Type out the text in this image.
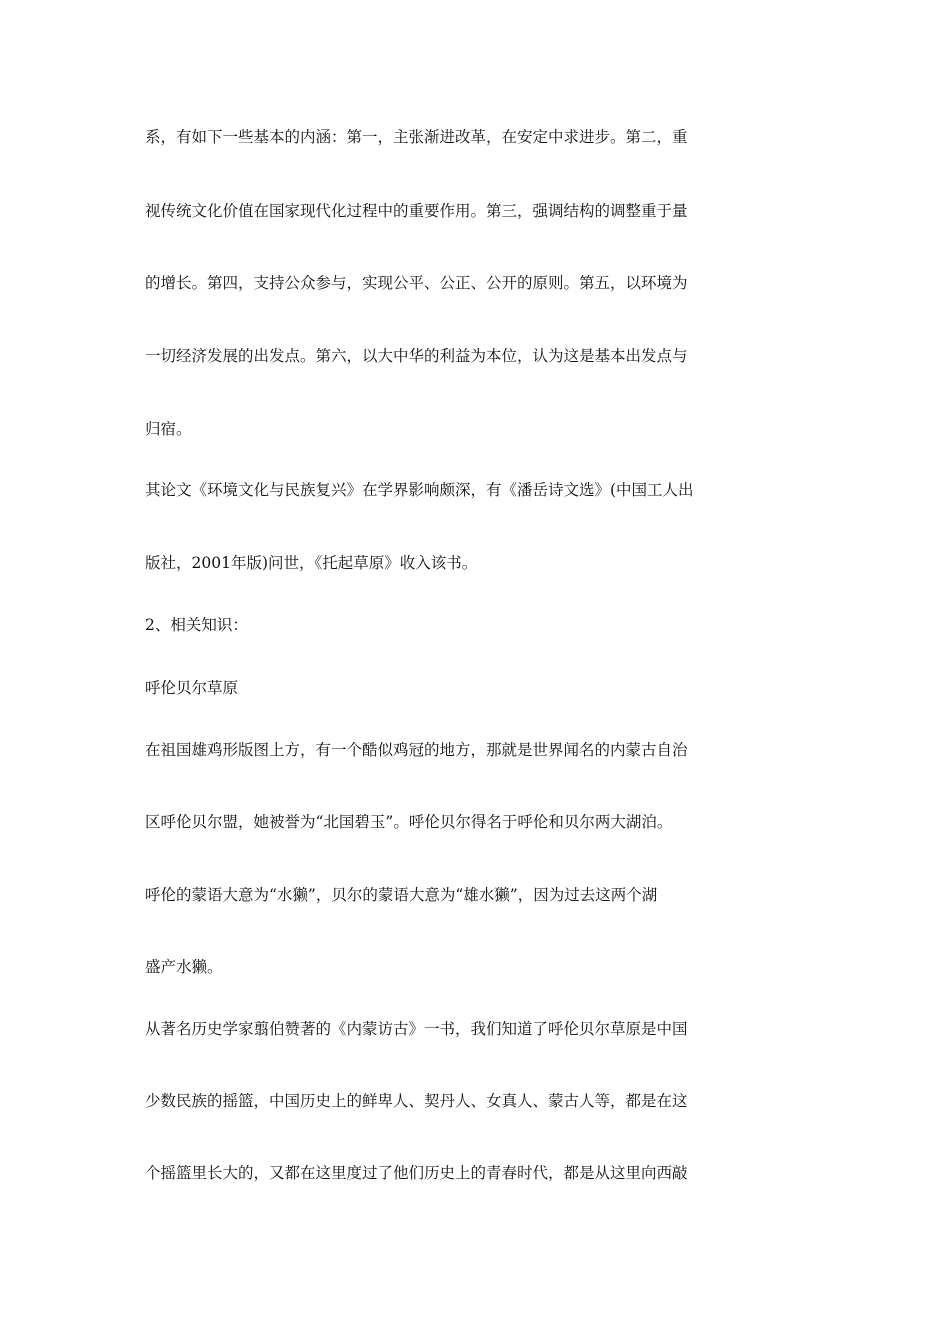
系，有如下一些基本的内涵：第一，主张渐进改革，在安定中求进步。第二，重
视传统文化价值在国家现代化过程中的重要作用。第三，强调结构的调整重于量
的增长。第四，支持公众参与，实现公平、公正、公开的原则。第五，以环境为
一切经济发展的出发点。第六，以大中华的利益为本位，认为这是基本出发点与
归宿。
其论文《环境文化与民族复兴》在学界影响颇深，有《潘岳诗文选》(中国工人出
版社，2001年版)问世，《托起草原》收入该书。
2、相关知识：
呼伦贝尔草原
在祖国雄鸡形版图上方，有一个酷似鸡冠的地方，那就是世界闻名的内蒙古自治
区呼伦贝尔盟，她被誉为“北国碧玉”。呼伦贝尔得名于呼伦和贝尔两大湖泊。
呼伦的蒙语大意为“水獭”，贝尔的蒙语大意为“雄水獭”，因为过去这两个湖
盛产水獭。
从著名历史学家翦伯赞著的《内蒙访古》一书，我们知道了呼伦贝尔草原是中国
少数民族的摇篮，中国历史上的鲜卑人、契丹人、女真人、蒙古人等，都是在这
个摇篮里长大的，又都在这里度过了他们历史上的青春时代，都是从这里向西敲
